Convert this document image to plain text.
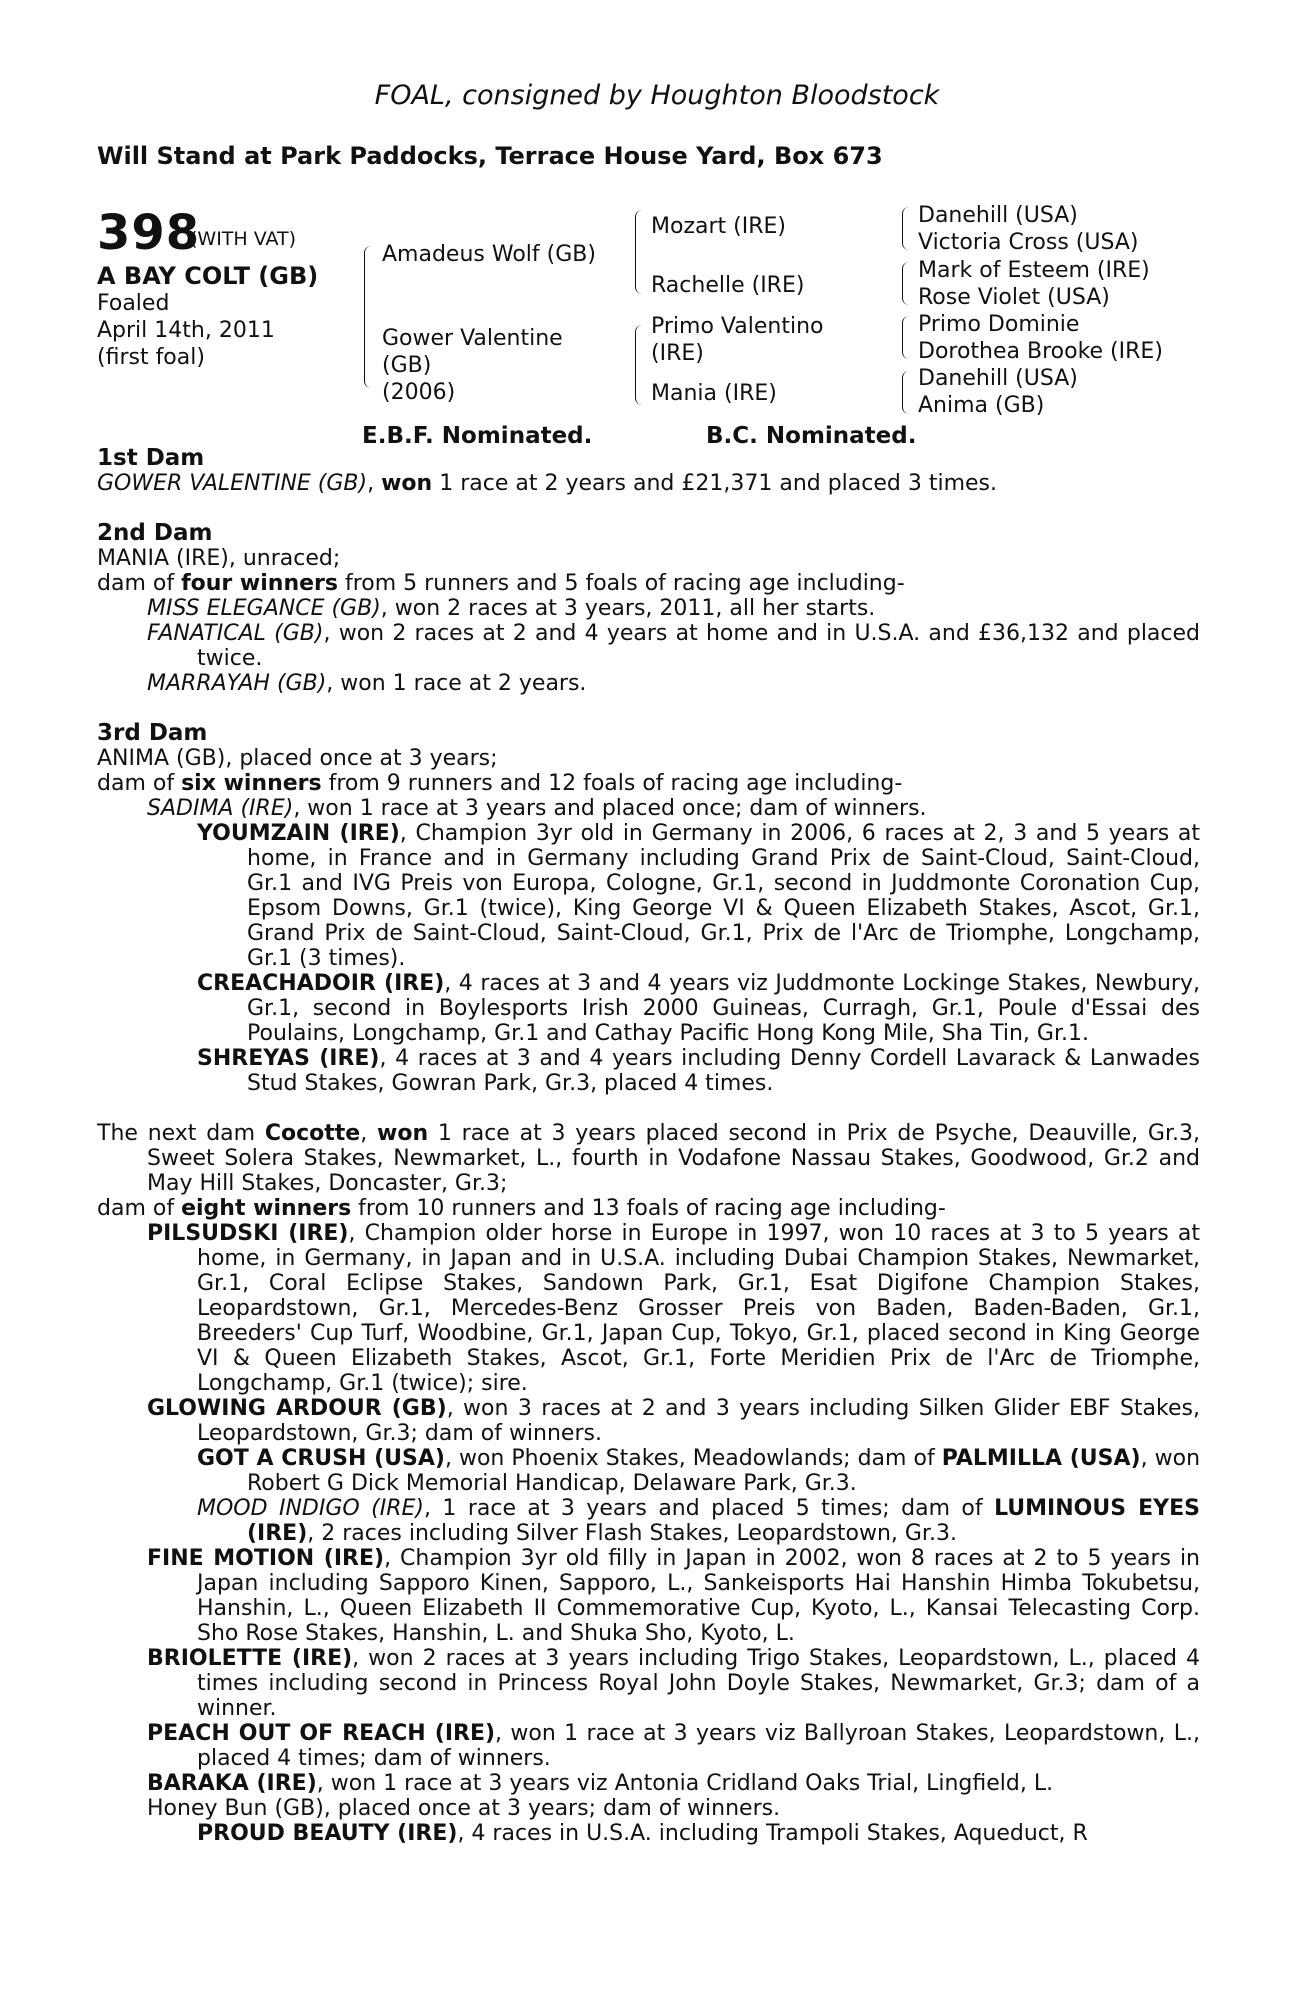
FOAL, consigned by Houghton Bloodstock
Will Stand at Park Paddocks, Terrace House Yard, Box 673
398
(WITH VAT)
A BAY COLT (GB)
Foaled
April 14th, 2011
(first foal)
Amadeus Wolf (GB)
Gower Valentine
(GB)
(2006)
Mozart (IRE)
Rachelle (IRE)
Primo Valentino
(IRE)
Mania (IRE)
Danehill (USA)
Victoria Cross (USA)
Mark of Esteem (IRE)
Rose Violet (USA)
Primo Dominie
Dorothea Brooke (IRE)
Danehill (USA)
Anima (GB)
E.B.F. Nominated.	B.C. Nominated.

1st Dam

GOWER VALENTINE (GB), won 1 race at 2 years and £21,371 and placed 3 times.

2nd Dam

MANIA (IRE), unraced;

dam of four winners from 5 runners and 5 foals of racing age including-

MISS ELEGANCE (GB), won 2 races at 3 years, 2011, all her starts.

FANATICAL (GB), won 2 races at 2 and 4 years at home and in U.S.A. and £36,132 and placed twice.

MARRAYAH (GB), won 1 race at 2 years.

3rd Dam

ANIMA (GB), placed once at 3 years;

dam of six winners from 9 runners and 12 foals of racing age including-

SADIMA (IRE), won 1 race at 3 years and placed once; dam of winners.

YOUMZAIN (IRE), Champion 3yr old in Germany in 2006, 6 races at 2, 3 and 5 years at home, in France and in Germany including Grand Prix de Saint-Cloud, Saint-Cloud, Gr.1 and IVG Preis von Europa, Cologne, Gr.1, second in Juddmonte Coronation Cup, Epsom Downs, Gr.1 (twice), King George VI & Queen Elizabeth Stakes, Ascot, Gr.1, Grand Prix de Saint-Cloud, Saint-Cloud, Gr.1, Prix de l'Arc de Triomphe, Longchamp, Gr.1 (3 times).

CREACHADOIR (IRE), 4 races at 3 and 4 years viz Juddmonte Lockinge Stakes, Newbury, Gr.1, second in Boylesports Irish 2000 Guineas, Curragh, Gr.1, Poule d'Essai des Poulains, Longchamp, Gr.1 and Cathay Pacific Hong Kong Mile, Sha Tin, Gr.1.

SHREYAS (IRE), 4 races at 3 and 4 years including Denny Cordell Lavarack & Lanwades Stud Stakes, Gowran Park, Gr.3, placed 4 times.

The next dam Cocotte, won 1 race at 3 years placed second in Prix de Psyche, Deauville, Gr.3, Sweet Solera Stakes, Newmarket, L., fourth in Vodafone Nassau Stakes, Goodwood, Gr.2 and May Hill Stakes, Doncaster, Gr.3;

dam of eight winners from 10 runners and 13 foals of racing age including-

PILSUDSKI (IRE), Champion older horse in Europe in 1997, won 10 races at 3 to 5 years at home, in Germany, in Japan and in U.S.A. including Dubai Champion Stakes, Newmarket, Gr.1, Coral Eclipse Stakes, Sandown Park, Gr.1, Esat Digifone Champion Stakes, Leopardstown, Gr.1, Mercedes-Benz Grosser Preis von Baden, Baden-Baden, Gr.1, Breeders' Cup Turf, Woodbine, Gr.1, Japan Cup, Tokyo, Gr.1, placed second in King George VI & Queen Elizabeth Stakes, Ascot, Gr.1, Forte Meridien Prix de l'Arc de Triomphe, Longchamp, Gr.1 (twice); sire.

GLOWING ARDOUR (GB), won 3 races at 2 and 3 years including Silken Glider EBF Stakes, Leopardstown, Gr.3; dam of winners.

GOT A CRUSH (USA), won Phoenix Stakes, Meadowlands; dam of PALMILLA (USA), won Robert G Dick Memorial Handicap, Delaware Park, Gr.3.

MOOD INDIGO (IRE), 1 race at 3 years and placed 5 times; dam of LUMINOUS EYES (IRE), 2 races including Silver Flash Stakes, Leopardstown, Gr.3.

FINE MOTION (IRE), Champion 3yr old filly in Japan in 2002, won 8 races at 2 to 5 years in Japan including Sapporo Kinen, Sapporo, L., Sankeisports Hai Hanshin Himba Tokubetsu, Hanshin, L., Queen Elizabeth II Commemorative Cup, Kyoto, L., Kansai Telecasting Corp. Sho Rose Stakes, Hanshin, L. and Shuka Sho, Kyoto, L.

BRIOLETTE (IRE), won 2 races at 3 years including Trigo Stakes, Leopardstown, L., placed 4 times including second in Princess Royal John Doyle Stakes, Newmarket, Gr.3; dam of a winner.

PEACH OUT OF REACH (IRE), won 1 race at 3 years viz Ballyroan Stakes, Leopardstown, L., placed 4 times; dam of winners.

BARAKA (IRE), won 1 race at 3 years viz Antonia Cridland Oaks Trial, Lingfield, L.

Honey Bun (GB), placed once at 3 years; dam of winners.

PROUD BEAUTY (IRE), 4 races in U.S.A. including Trampoli Stakes, Aqueduct, R
